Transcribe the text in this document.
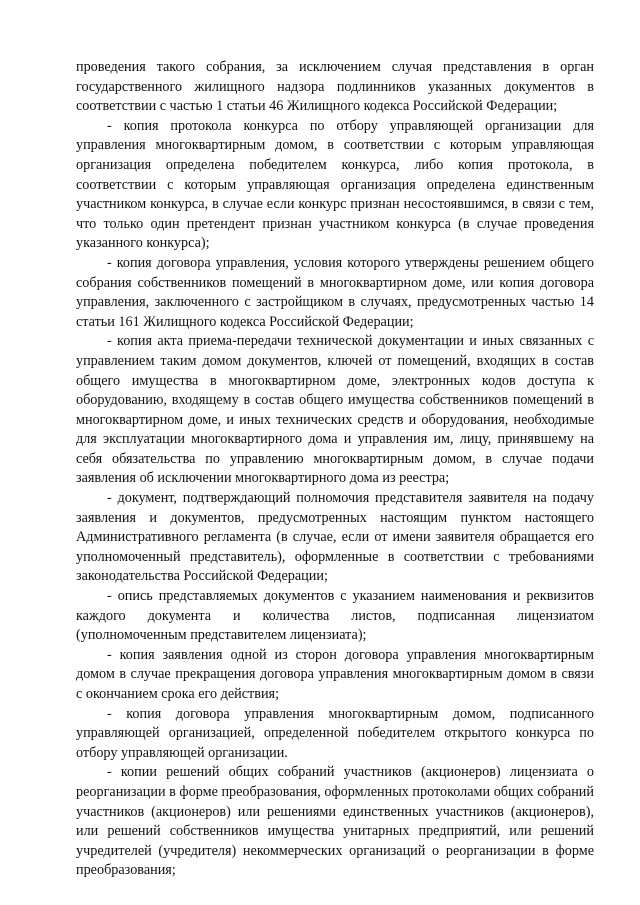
проведения такого собрания, за исключением случая представления в орган государственного жилищного надзора подлинников указанных документов в соответствии с частью 1 статьи 46 Жилищного кодекса Российской Федерации;

- копия протокола конкурса по отбору управляющей организации для управления многоквартирным домом, в соответствии с которым управляющая организация определена победителем конкурса, либо копия протокола, в соответствии с которым управляющая организация определена единственным участником конкурса, в случае если конкурс признан несостоявшимся, в связи с тем, что только один претендент признан участником конкурса (в случае проведения указанного конкурса);

- копия договора управления, условия которого утверждены решением общего собрания собственников помещений в многоквартирном доме, или копия договора управления, заключенного с застройщиком в случаях, предусмотренных частью 14 статьи 161 Жилищного кодекса Российской Федерации;

- копия акта приема-передачи технической документации и иных связанных с управлением таким домом документов, ключей от помещений, входящих в состав общего имущества в многоквартирном доме, электронных кодов доступа к оборудованию, входящему в состав общего имущества собственников помещений в многоквартирном доме, и иных технических средств и оборудования, необходимые для эксплуатации многоквартирного дома и управления им, лицу, принявшему на себя обязательства по управлению многоквартирным домом, в случае подачи заявления об исключении многоквартирного дома из реестра;

- документ, подтверждающий полномочия представителя заявителя на подачу заявления и документов, предусмотренных настоящим пунктом настоящего Административного регламента (в случае, если от имени заявителя обращается его уполномоченный представитель), оформленные в соответствии с требованиями законодательства Российской Федерации;

- опись представляемых документов с указанием наименования и реквизитов каждого документа и количества листов, подписанная лицензиатом (уполномоченным представителем лицензиата);

- копия заявления одной из сторон договора управления многоквартирным домом в случае прекращения договора управления многоквартирным домом в связи с окончанием срока его действия;

- копия договора управления многоквартирным домом, подписанного управляющей организацией, определенной победителем открытого конкурса по отбору управляющей организации.

- копии решений общих собраний участников (акционеров) лицензиата о реорганизации в форме преобразования, оформленных протоколами общих собраний участников (акционеров) или решениями единственных участников (акционеров), или решений собственников имущества унитарных предприятий, или решений учредителей (учредителя) некоммерческих организаций о реорганизации в форме преобразования;
